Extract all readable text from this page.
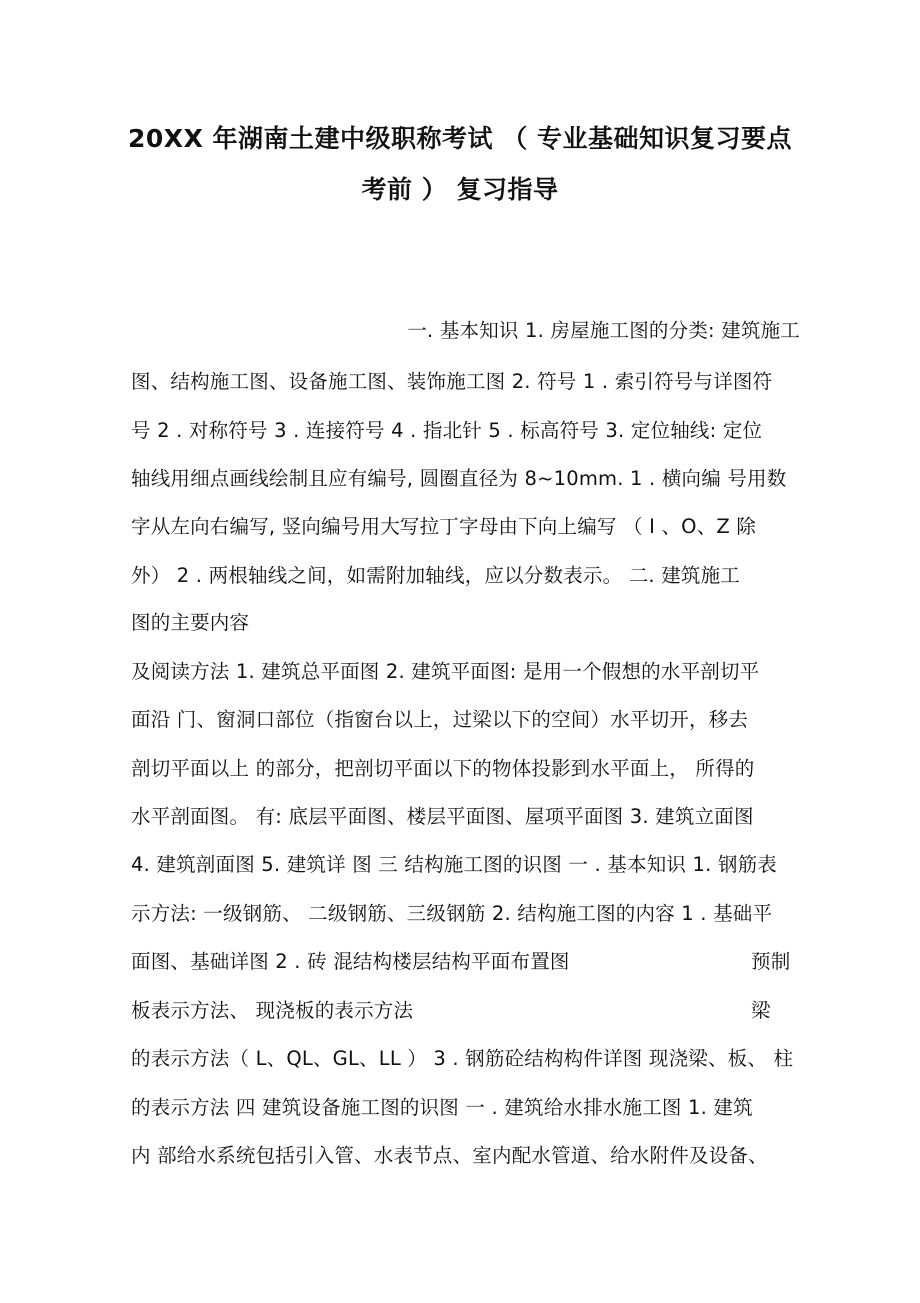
20XX 年湖南土建中级职称考试 （ 专业基础知识复习要点
考前 ） 复习指导
一. 基本知识 1. 房屋施工图的分类: 建筑施工
图、结构施工图、设备施工图、装饰施工图 2. 符号 1 . 索引符号与详图符
号 2 . 对称符号 3 . 连接符号 4 . 指北针 5 . 标高符号 3. 定位轴线: 定位
轴线用细点画线绘制且应有编号, 圆圈直径为 8~10mm. 1 . 横向编 号用数
字从左向右编写, 竖向编号用大写拉丁字母由下向上编写 （ I 、O、Z 除
外） 2 . 两根轴线之间，如需附加轴线，应以分数表示。 二. 建筑施工
图的主要内容
及阅读方法 1. 建筑总平面图 2. 建筑平面图: 是用一个假想的水平剖切平
面沿 门、窗洞口部位（指窗台以上，过梁以下的空间）水平切开，移去
剖切平面以上 的部分，把剖切平面以下的物体投影到水平面上， 所得的
水平剖面图。 有: 底层平面图、楼层平面图、屋项平面图 3. 建筑立面图
4. 建筑剖面图 5. 建筑详 图 三 结构施工图的识图 一 . 基本知识 1. 钢筋表
示方法: 一级钢筋、 二级钢筋、三级钢筋 2. 结构施工图的内容 1 . 基础平
面图、基础详图 2 . 砖 混结构楼层结构平面布置图	预制
板表示方法、 现浇板的表示方法	梁
的表示方法（ L、QL、GL、LL ） 3 . 钢筋砼结构构件详图 现浇梁、板、 柱
的表示方法 四 建筑设备施工图的识图 一 . 建筑给水排水施工图 1. 建筑
内 部给水系统包括引入管、水表节点、室内配水管道、给水附件及设备、
